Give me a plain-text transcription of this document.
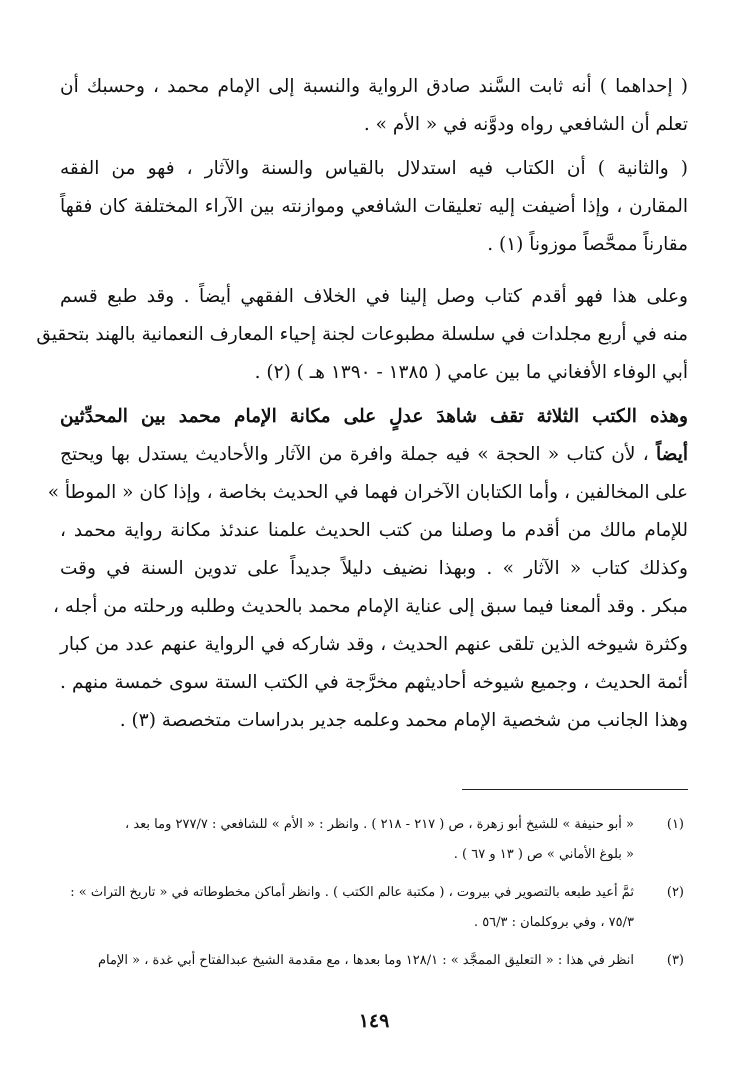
( إحداهما ) أنه ثابت السَّند صادق الرواية والنسبة إلى الإمام محمد ، وحسبك أن
تعلم أن الشافعي رواه ودوَّنه في « الأم » .
( والثانية ) أن الكتاب فيه استدلال بالقياس والسنة والآثار ، فهو من الفقه
المقارن ، وإذا أضيفت إليه تعليقات الشافعي وموازنته بين الآراء المختلفة كان فقهاً
مقارناً ممحَّصاً موزوناً (١) .
وعلى هذا فهو أقدم كتاب وصل إلينا في الخلاف الفقهي أيضاً . وقد طبع قسم
منه في أربع مجلدات في سلسلة مطبوعات لجنة إحياء المعارف النعمانية بالهند بتحقيق
أبي الوفاء الأفغاني ما بين عامي ( ١٣٨٥ - ١٣٩٠ هـ ) (٢) .
وهذه الكتب الثلاثة تقف شاهدَ عدلٍ على مكانة الإمام محمد بين المحدِّثين
أيضاً ، لأن كتاب « الحجة » فيه جملة وافرة من الآثار والأحاديث يستدل بها ويحتج
على المخالفين ، وأما الكتابان الآخران فهما في الحديث بخاصة ، وإذا كان « الموطأ »
للإمام مالك من أقدم ما وصلنا من كتب الحديث علمنا عندئذ مكانة رواية محمد ،
وكذلك كتاب « الآثار » . وبهذا نضيف دليلاً جديداً على تدوين السنة في وقت
مبكر . وقد ألمعنا فيما سبق إلى عناية الإمام محمد بالحديث وطلبه ورحلته من أجله ،
وكثرة شيوخه الذين تلقى عنهم الحديث ، وقد شاركه في الرواية عنهم عدد من كبار
أئمة الحديث ، وجميع شيوخه أحاديثهم مخرَّجة في الكتب الستة سوى خمسة منهم .
وهذا الجانب من شخصية الإمام محمد وعلمه جدير بدراسات متخصصة (٣) .
(١)
« أبو حنيفة » للشيخ أبو زهرة ، ص ( ٢١٧ - ٢١٨ ) . وانظر : « الأم » للشافعي : ٢٧٧/٧ وما بعد ،
« بلوغ الأماني » ص ( ١٣ و ٦٧ ) .
(٢)
ثمَّ أعيد طبعه بالتصوير في بيروت ، ( مكتبة عالم الكتب ) . وانظر أماكن مخطوطاته في « تاريخ التراث » :
٧٥/٣ ، وفي بروكلمان : ٥٦/٣ .
(٣)
انظر في هذا : « التعليق الممجَّد » : ١٢٨/١ وما بعدها ، مع مقدمة الشيخ عبدالفتاح أبي غدة ، « الإمام
١٤٩
